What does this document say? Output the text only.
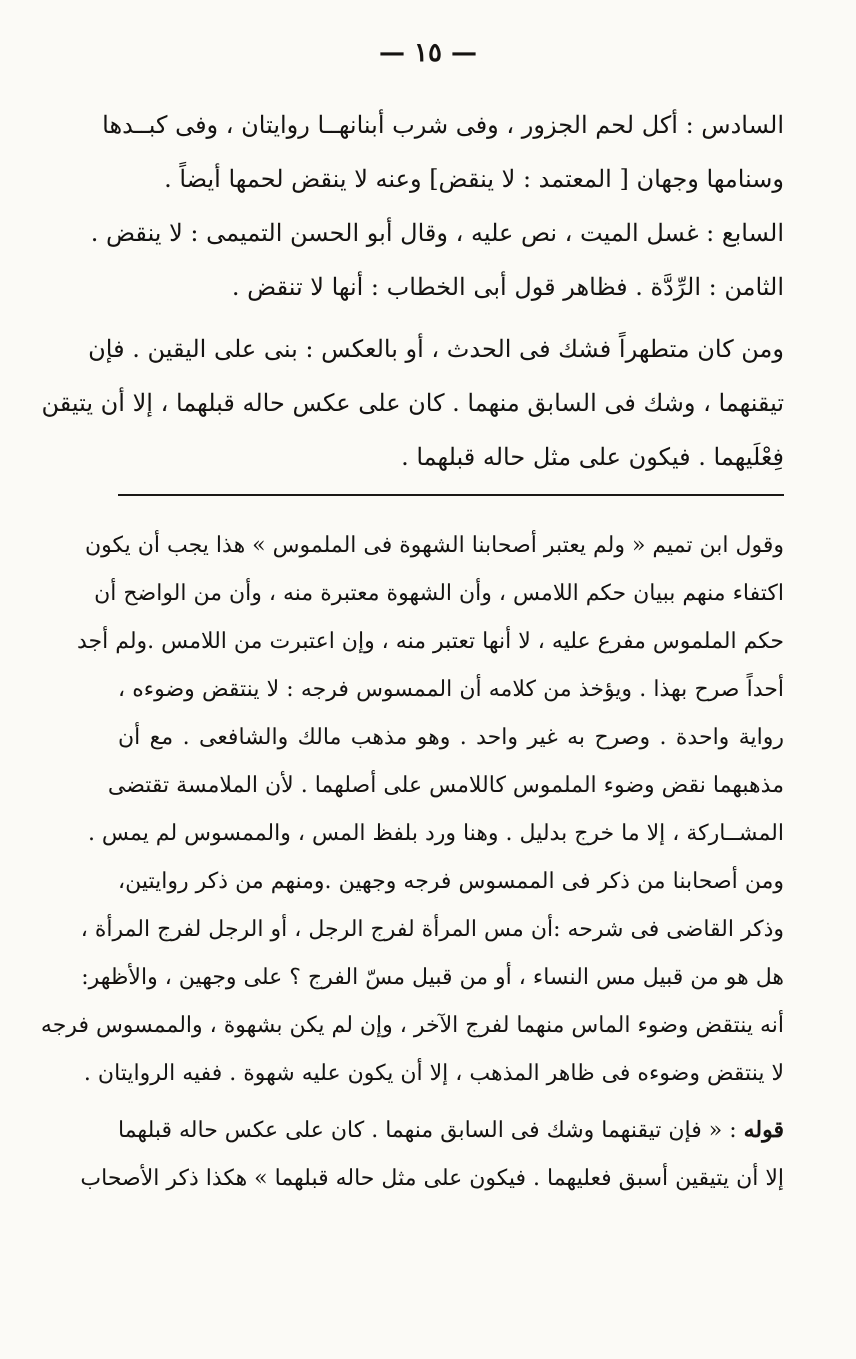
— ١٥ —
السادس : أكل لحم الجزور ، وفى شرب أبنانهــا روايتان ، وفى كبــدها
وسنامها وجهان [ المعتمد : لا ينقض] وعنه لا ينقض لحمها أيضاً .
السابع : غسل الميت ، نص عليه ، وقال أبو الحسن التميمى : لا ينقض .
الثامن : الرِّدَّة . فظاهر قول أبى الخطاب : أنها لا تنقض .
ومن كان متطهراً فشك فى الحدث ، أو بالعكس : بنى على اليقين . فإن
تيقنهما ، وشك فى السابق منهما . كان على عكس حاله قبلهما ، إلا أن يتيقن
فِعْلَيهما . فيكون على مثل حاله قبلهما .
وقول ابن تميم « ولم يعتبر أصحابنا الشهوة فى الملموس » هذا يجب أن يكون
اكتفاء منهم ببيان حكم اللامس ، وأن الشهوة معتبرة منه ، وأن من الواضح أن
حكم الملموس مفرع عليه ، لا أنها تعتبر منه ، وإن اعتبرت من اللامس .ولم أجد
أحداً صرح بهذا . ويؤخذ من كلامه أن الممسوس فرجه : لا ينتقض وضوءه ،
رواية واحدة . وصرح به غير واحد . وهو مذهب مالك والشافعى . مع أن
مذهبهما نقض وضوء الملموس كاللامس على أصلهما . لأن الملامسة تقتضى
المشــاركة ، إلا ما خرج بدليل . وهنا ورد بلفظ المس ، والممسوس لم يمس .
ومن أصحابنا من ذكر فى الممسوس فرجه وجهين .ومنهم من ذكر روايتين،
وذكر القاضى فى شرحه :أن مس المرأة لفرج الرجل ، أو الرجل لفرج المرأة ،
هل هو من قبيل مس النساء ، أو من قبيل مسّ الفرج ؟ على وجهين ، والأظهر:
أنه ينتقض وضوء الماس منهما لفرج الآخر ، وإن لم يكن بشهوة ، والممسوس فرجه
لا ينتقض وضوءه فى ظاهر المذهب ، إلا أن يكون عليه شهوة . ففيه الروايتان .
قوله : « فإن تيقنهما وشك فى السابق منهما . كان على عكس حاله قبلهما
إلا أن يتيقين أسبق فعليهما . فيكون على مثل حاله قبلهما » هكذا ذكر الأصحاب
